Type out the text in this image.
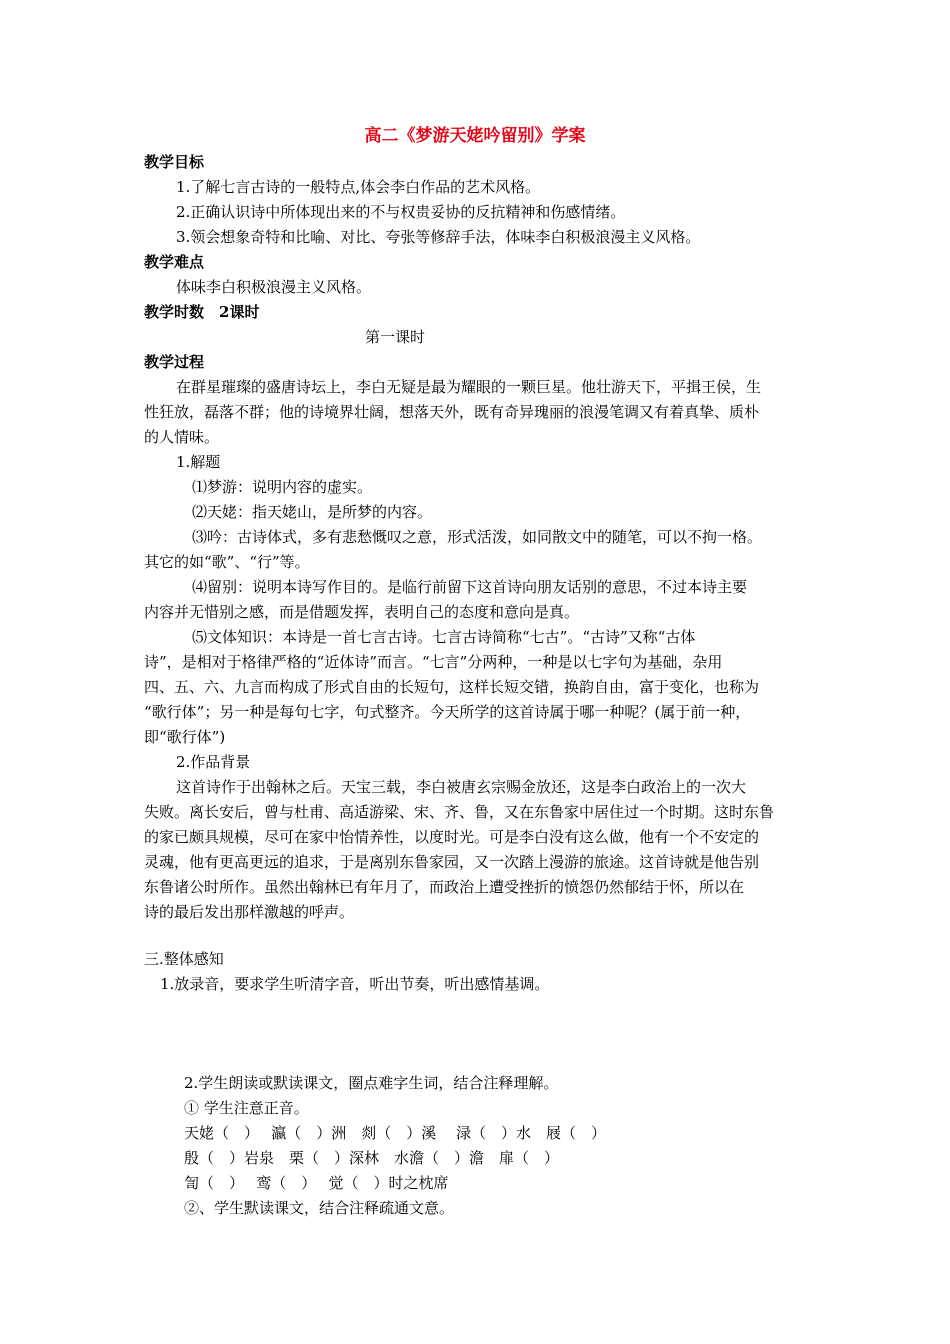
高二《梦游天姥吟留别》学案
教学目标
1.了解七言古诗的一般特点,体会李白作品的艺术风格。
2.正确认识诗中所体现出来的不与权贵妥协的反抗精神和伤感情绪。
3.领会想象奇特和比喻、对比、夸张等修辞手法，体味李白积极浪漫主义风格。
教学难点
体味李白积极浪漫主义风格。
教学时数　2课时
第一课时
教学过程
在群星璀璨的盛唐诗坛上，李白无疑是最为耀眼的一颗巨星。他壮游天下，平揖王侯，生
性狂放，磊落不群；他的诗境界壮阔，想落天外，既有奇异瑰丽的浪漫笔调又有着真挚、质朴
的人情味。
1.解题
⑴梦游：说明内容的虚实。
⑵天姥：指天姥山，是所梦的内容。
⑶吟：古诗体式，多有悲愁慨叹之意，形式活泼，如同散文中的随笔，可以不拘一格。
其它的如“歌”、“行”等。
⑷留别：说明本诗写作目的。是临行前留下这首诗向朋友话别的意思，不过本诗主要
内容并无惜别之感，而是借题发挥，表明自己的态度和意向是真。
⑸文体知识：本诗是一首七言古诗。七言古诗简称“七古”。“古诗”又称“古体
诗”，是相对于格律严格的“近体诗”而言。“七言”分两种，一种是以七字句为基础，杂用
四、五、六、九言而构成了形式自由的长短句，这样长短交错，换韵自由，富于变化，也称为
“歌行体”；另一种是每句七字，句式整齐。今天所学的这首诗属于哪一种呢？(属于前一种，
即“歌行体”)
2.作品背景
这首诗作于出翰林之后。天宝三载，李白被唐玄宗赐金放还，这是李白政治上的一次大
失败。离长安后，曾与杜甫、高适游梁、宋、齐、鲁，又在东鲁家中居住过一个时期。这时东鲁
的家已颇具规模，尽可在家中怡情养性，以度时光。可是李白没有这么做，他有一个不安定的
灵魂，他有更高更远的追求，于是离别东鲁家园，又一次踏上漫游的旅途。这首诗就是他告别
东鲁诸公时所作。虽然出翰林已有年月了，而政治上遭受挫折的愤怨仍然郁结于怀，所以在
诗的最后发出那样激越的呼声。
三.整体感知
1.放录音，要求学生听清字音，听出节奏，听出感情基调。
2.学生朗读或默读课文，圈点难字生词，结合注释理解。
① 学生注意正音。
天姥（　）　 瀛（　）洲　剡（　）溪　 渌（　）水　屐（　）
殷（　）岩泉　栗（　）深林　水澹（　）澹　扉（　）
訇（　）　 鸾（　）　 觉（　）时之枕席
②、学生默读课文，结合注释疏通文意。
